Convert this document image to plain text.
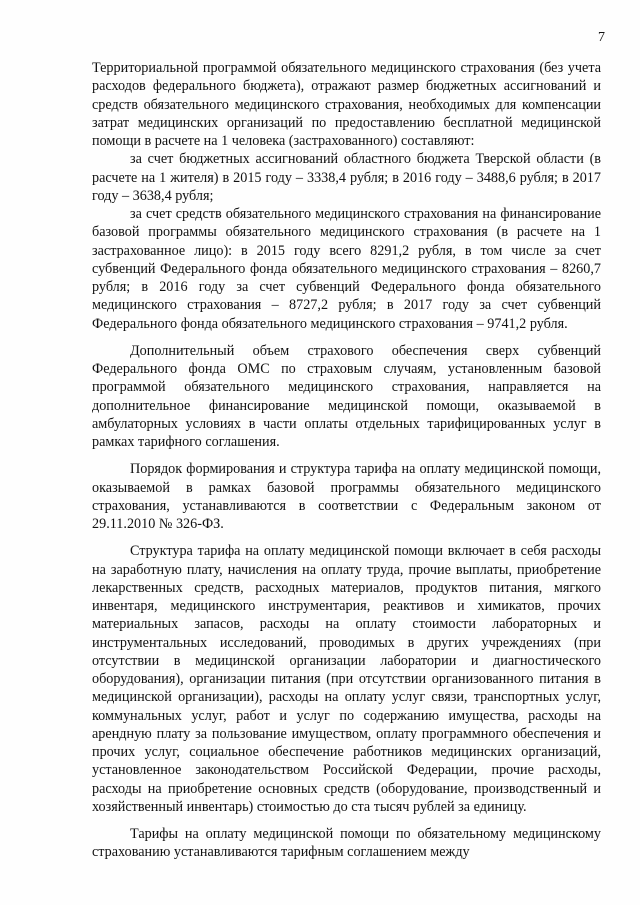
7

Территориальной программой обязательного медицинского страхования (без учета расходов федерального бюджета), отражают размер бюджетных ассигнований и средств обязательного медицинского страхования, необходимых для компенсации затрат медицинских организаций по предоставлению бесплатной медицинской помощи в расчете на 1 человека (застрахованного) составляют:

за счет бюджетных ассигнований областного бюджета Тверской области (в расчете на 1 жителя) в 2015 году – 3338,4 рубля; в 2016 году – 3488,6 рубля; в 2017 году – 3638,4 рубля;

за счет средств обязательного медицинского страхования на финансирование базовой программы обязательного медицинского страхования (в расчете на 1 застрахованное лицо): в 2015 году всего 8291,2 рубля, в том числе за счет субвенций Федерального фонда обязательного медицинского страхования – 8260,7 рубля; в 2016 году за счет субвенций Федерального фонда обязательного медицинского страхования – 8727,2 рубля; в 2017 году за счет субвенций Федерального фонда обязательного медицинского страхования – 9741,2 рубля.

Дополнительный объем страхового обеспечения сверх субвенций Федерального фонда ОМС по страховым случаям, установленным базовой программой обязательного медицинского страхования, направляется на дополнительное финансирование медицинской помощи, оказываемой в амбулаторных условиях в части оплаты отдельных тарифицированных услуг в рамках тарифного соглашения.

Порядок формирования и структура тарифа на оплату медицинской помощи, оказываемой в рамках базовой программы обязательного медицинского страхования, устанавливаются в соответствии с Федеральным законом от 29.11.2010 № 326-ФЗ.

Структура тарифа на оплату медицинской помощи включает в себя расходы на заработную плату, начисления на оплату труда, прочие выплаты, приобретение лекарственных средств, расходных материалов, продуктов питания, мягкого инвентаря, медицинского инструментария, реактивов и химикатов, прочих материальных запасов, расходы на оплату стоимости лабораторных и инструментальных исследований, проводимых в других учреждениях (при отсутствии в медицинской организации лаборатории и диагностического оборудования), организации питания (при отсутствии организованного питания в медицинской организации), расходы на оплату услуг связи, транспортных услуг, коммунальных услуг, работ и услуг по содержанию имущества, расходы на арендную плату за пользование имуществом, оплату программного обеспечения и прочих услуг, социальное обеспечение работников медицинских организаций, установленное законодательством Российской Федерации, прочие расходы, расходы на приобретение основных средств (оборудование, производственный и хозяйственный инвентарь) стоимостью до ста тысяч рублей за единицу.

Тарифы на оплату медицинской помощи по обязательному медицинскому страхованию устанавливаются тарифным соглашением между
